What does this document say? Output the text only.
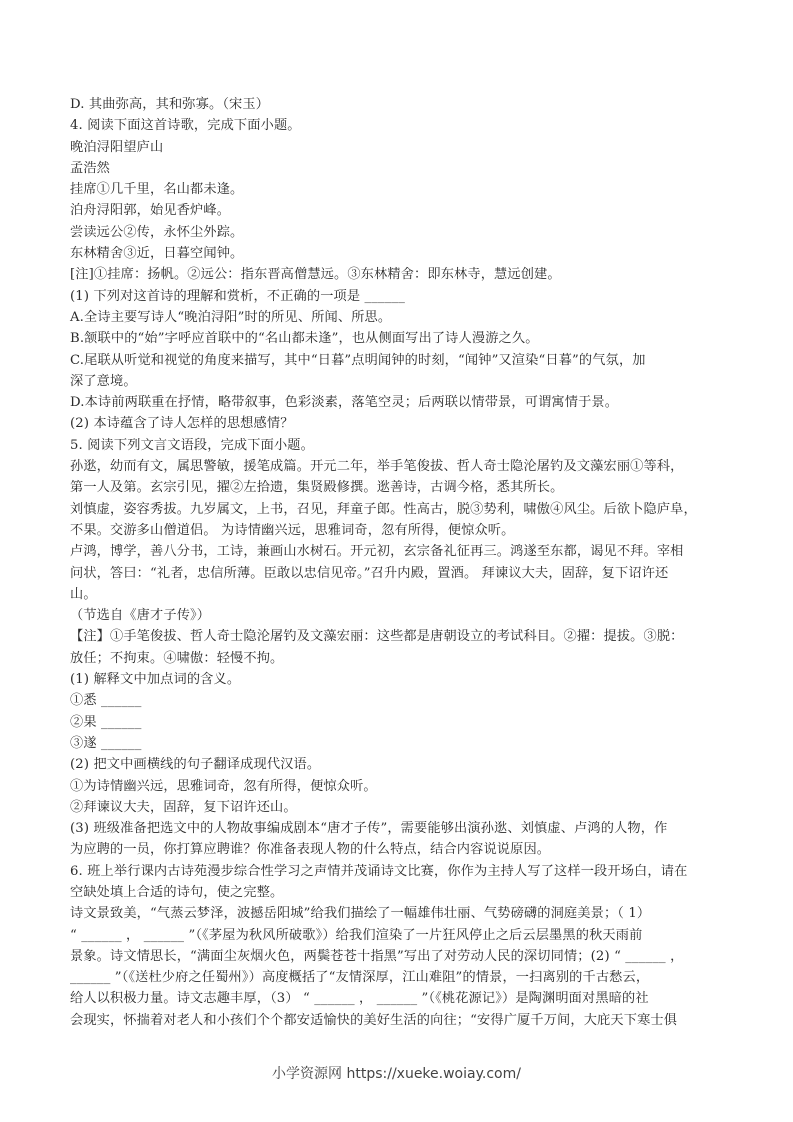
D. 其曲弥高，其和弥寡。（宋玉）
4. 阅读下面这首诗歌，完成下面小题。
晚泊浔阳望庐山
孟浩然
挂席①几千里，名山都未逢。
泊舟浔阳郭，始见香炉峰。
尝读远公②传，永怀尘外踪。
东林精舍③近，日暮空闻钟。
[注]①挂席：扬帆。②远公：指东晋高僧慧远。③东林精舍：即东林寺，慧远创建。
(1) 下列对这首诗的理解和赏析，不正确的一项是 ______
A.全诗主要写诗人“晚泊浔阳”时的所见、所闻、所思。
B.颔联中的“始”字呼应首联中的“名山都未逢”，也从侧面写出了诗人漫游之久。
C.尾联从听觉和视觉的角度来描写，其中“日暮”点明闻钟的时刻，“闻钟”又渲染“日暮”的气氛，加
深了意境。
D.本诗前两联重在抒情，略带叙事，色彩淡素，落笔空灵；后两联以情带景，可谓寓情于景。
(2) 本诗蕴含了诗人怎样的思想感情？
5. 阅读下列文言文语段，完成下面小题。
孙逖，幼而有文，属思警敏，援笔成篇。开元二年，举手笔俊拔、哲人奇士隐沦屠钓及文藻宏丽①等科，
第一人及第。玄宗引见，擢②左拾遗，集贤殿修撰。逖善诗，古调今格，悉其所长。
刘慎虚，姿容秀拔。九岁属文，上书，召见，拜童子郎。性高古，脱③势利，啸傲④风尘。后欲卜隐庐阜，
不果。交游多山僧道侣。 为诗情幽兴远，思雅词奇，忽有所得，便惊众听。
卢鸿，博学，善八分书，工诗，兼画山水树石。开元初，玄宗备礼征再三。鸿遂至东都，谒见不拜。宰相
问状，答曰：“礼者，忠信所薄。臣敢以忠信见帝。”召升内殿，置酒。 拜谏议大夫，固辞，复下诏许还
山。
（节选自《唐才子传》）
【注】①手笔俊拔、哲人奇士隐沦屠钓及文藻宏丽：这些都是唐朝设立的考试科目。②擢：提拔。③脱：
放任；不拘束。④啸傲：轻慢不拘。
(1) 解释文中加点词的含义。
①悉 ______
②果 ______
③遂 ______
(2) 把文中画横线的句子翻译成现代汉语。
①为诗情幽兴远，思雅词奇，忽有所得，便惊众听。
②拜谏议大夫，固辞，复下诏许还山。
(3) 班级准备把选文中的人物故事编成剧本“唐才子传”，需要能够出演孙逖、刘慎虚、卢鸿的人物，作
为应聘的一员，你打算应聘谁？你准备表现人物的什么特点，结合内容说说原因。
6. 班上举行课内古诗苑漫步综合性学习之声情并茂诵诗文比赛，你作为主持人写了这样一段开场白，请在
空缺处填上合适的诗句，使之完整。
诗文景致美，“气蒸云梦泽，波撼岳阳城”给我们描绘了一幅雄伟壮丽、气势磅礴的洞庭美景；（ 1）
“ ______ ， ______ ”（《茅屋为秋风所破歌》）给我们渲染了一片狂风停止之后云层墨黑的秋天雨前
景象。诗文情思长，“满面尘灰烟火色，两鬓苍苍十指黑”写出了对劳动人民的深切同情；(2) “ ______ ，
______ ”（《送杜少府之任蜀州》）高度概括了“友情深厚，江山难阻”的情景，一扫离别的千古愁云，
给人以积极力量。诗文志趣丰厚，（3） “ ______ ， ______ ”（《桃花源记》）是陶渊明面对黑暗的社
会现实，怀揣着对老人和小孩们个个都安适愉快的美好生活的向往；“安得广厦千万间，大庇天下寒士俱
小学资源网 https://xueke.woiay.com/
